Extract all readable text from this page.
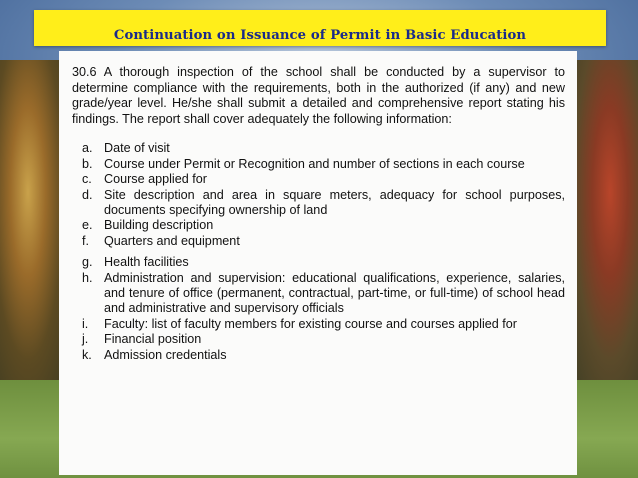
Continuation on Issuance of Permit in Basic Education

30.6 A thorough inspection of the school shall be conducted by a supervisor to determine compliance with the requirements, both in the authorized (if any) and new grade/year level. He/she shall submit a detailed and comprehensive report stating his findings. The report shall cover adequately the following information:

a. Date of visit
b. Course under Permit or Recognition and number of sections in each course
c. Course applied for
d. Site description and area in square meters, adequacy for school purposes, documents specifying ownership of land
e. Building description
f.	Quarters and equipment
g. Health facilities
h. Administration and supervision: educational qualifications, experience, salaries, and tenure of office (permanent, contractual, part-time, or full-time) of school head and administrative and supervisory officials
i.	Faculty: list of faculty members for existing course and courses applied for
j.	Financial position
k. Admission credentials
